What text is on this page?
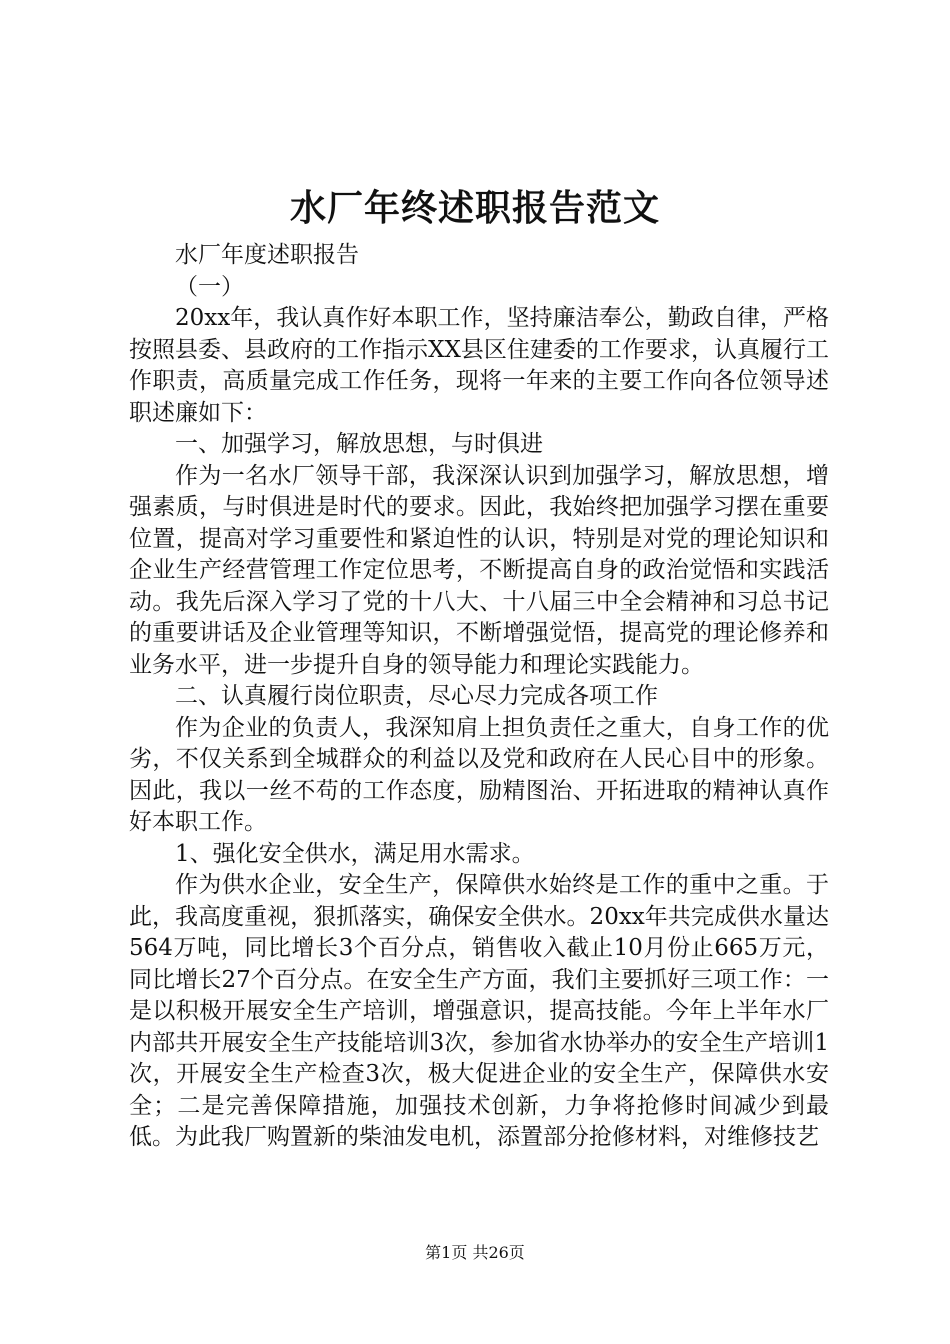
水厂年终述职报告范文

水厂年度述职报告

（一）

20xx年，我认真作好本职工作，坚持廉洁奉公，勤政自律，严格按照县委、县政府的工作指示XX县区住建委的工作要求，认真履行工作职责，高质量完成工作任务，现将一年来的主要工作向各位领导述职述廉如下：

一、加强学习，解放思想，与时俱进

作为一名水厂领导干部，我深深认识到加强学习，解放思想，增强素质，与时俱进是时代的要求。因此，我始终把加强学习摆在重要位置，提高对学习重要性和紧迫性的认识，特别是对党的理论知识和企业生产经营管理工作定位思考，不断提高自身的政治觉悟和实践活动。我先后深入学习了党的十八大、十八届三中全会精神和习总书记的重要讲话及企业管理等知识，不断增强觉悟，提高党的理论修养和业务水平，进一步提升自身的领导能力和理论实践能力。

二、认真履行岗位职责，尽心尽力完成各项工作

作为企业的负责人，我深知肩上担负责任之重大，自身工作的优劣，不仅关系到全城群众的利益以及党和政府在人民心目中的形象。因此，我以一丝不苟的工作态度，励精图治、开拓进取的精神认真作好本职工作。

1、强化安全供水，满足用水需求。

作为供水企业，安全生产，保障供水始终是工作的重中之重。于此，我高度重视，狠抓落实，确保安全供水。20xx年共完成供水量达564万吨，同比增长3个百分点，销售收入截止10月份止665万元，同比增长27个百分点。在安全生产方面，我们主要抓好三项工作：一是以积极开展安全生产培训，增强意识，提高技能。今年上半年水厂内部共开展安全生产技能培训3次，参加省水协举办的安全生产培训1次，开展安全生产检查3次，极大促进企业的安全生产，保障供水安全；二是完善保障措施，加强技术创新，力争将抢修时间减少到最低。为此我厂购置新的柴油发电机，添置部分抢修材料，对维修技艺

第1页 共26页
